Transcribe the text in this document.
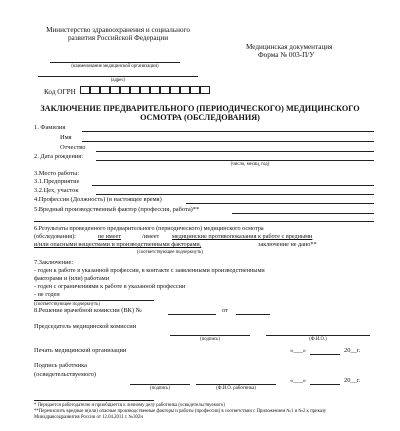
Министерство здравоохранения и социального
развития Российской Федерации
(наименование медицинской организации)
(адрес)
Медицинская документация
Форма № 003-П/У
Код ОГРН
ЗАКЛЮЧЕНИЕ ПРЕДВАРИТЕЛЬНОГО (ПЕРИОДИЧЕСКОГО) МЕДИЦИНСКОГО
ОСМОТРА (ОБСЛЕДОВАНИЯ)
1. Фамилия
Имя
Отчество
2. Дата рождения:
(число, месяц, год)
3.Место работы:
3.1.Предприятие
3.2.Цех, участок
4.Профессия (Должность) (в настоящее время)
5.Вредный производственный фактор (профессия, работа)**
6.Результаты проведенного предварительного (периодического) медицинского осмотра
(обследования):	не имеет	/имеет медицинские противопоказания к работе с вредными
и/или опасными веществами и производственными факторами,	заключение не дано**
(соответствующее подчеркнуть)
7.Заключение:
- годен к работе в указанной профессии, в контакте с заявленными производственными
факторами и (или) работами
- годен с ограничениями к работе в указанной профессии
- не годен
(соответствующее подчеркнуть)
8.Решение врачебной комиссии (ВК) №	от
Председатель медицинской комиссии
(подпись)	(Ф.И.О.)
Печать медицинской организации	«___»	20__г.
Подпись работника
(освидетельствуемого)
(подпись)	(Ф.И.О. работника)
«___»	20__г.
* Передается работодателю и приобщается к личному делу работника (освидетельствуемого)
**Перечислить вредные и(или) опасные производственные факторы и работы (профессии) в соответствии с Приложением №1 и №2 к приказу
Минздравсоцразвития России от 12.04.2011 г. №302н
